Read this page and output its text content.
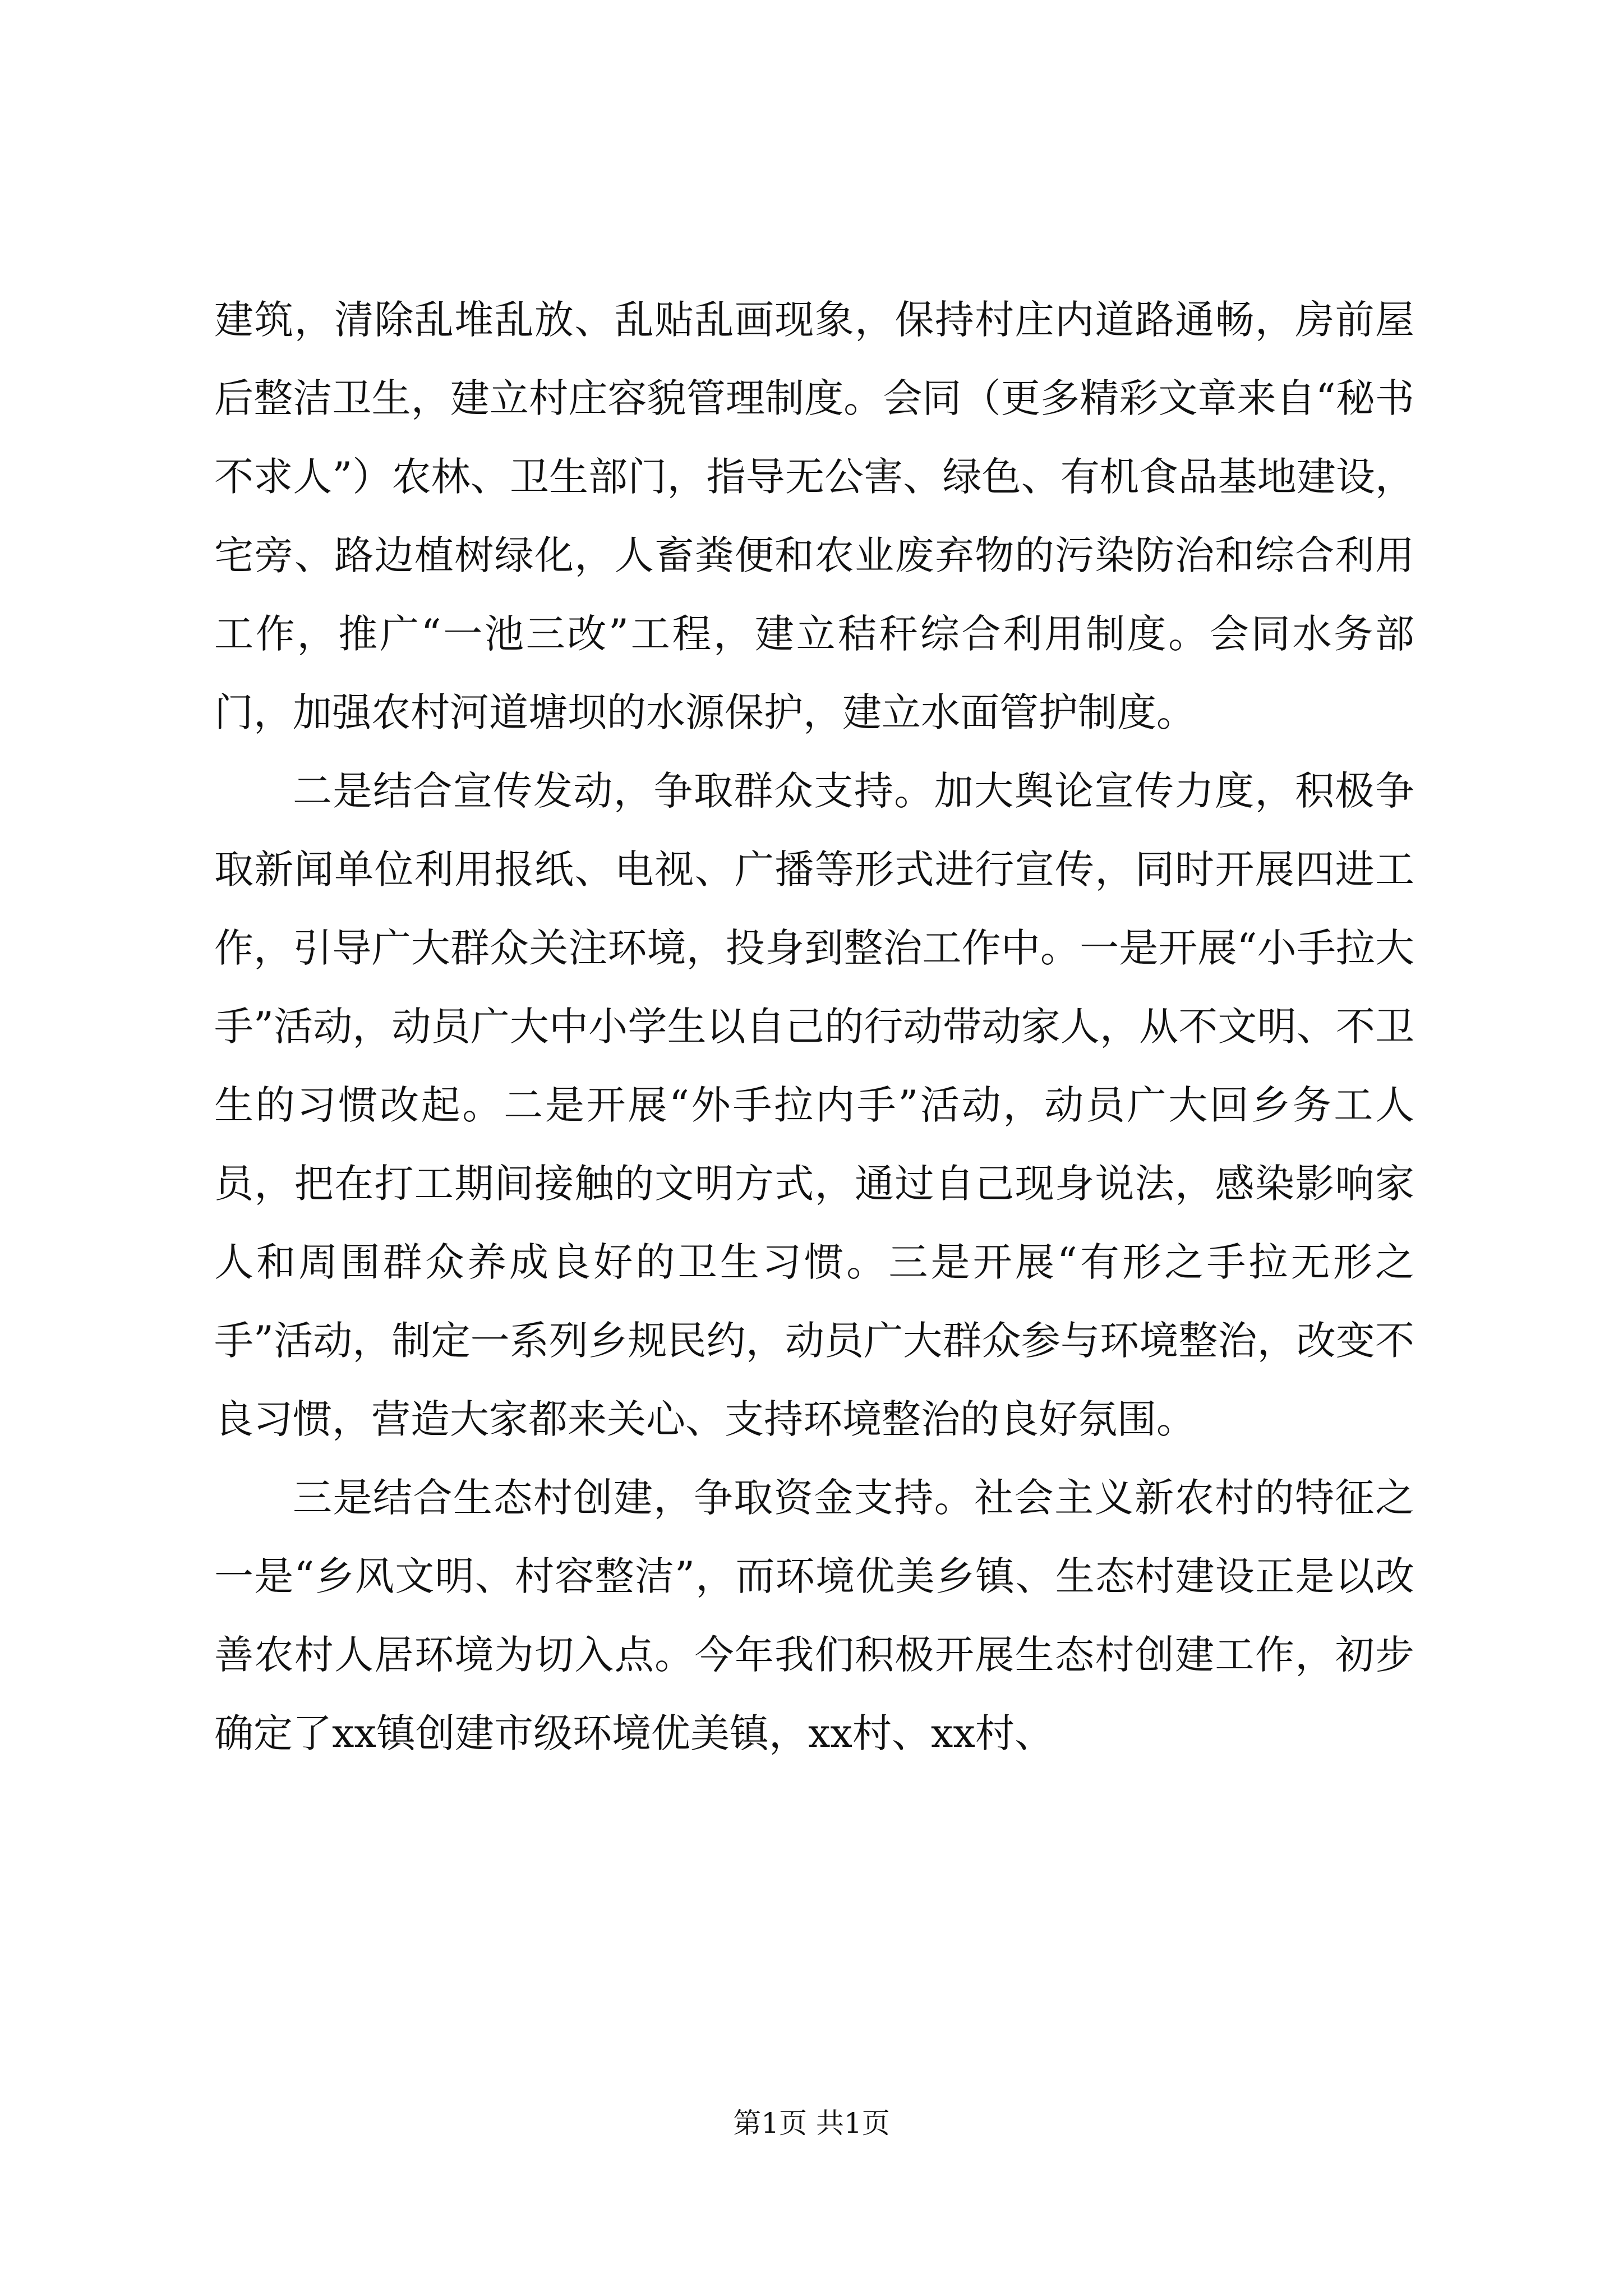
建筑，清除乱堆乱放、乱贴乱画现象，保持村庄内道路通畅，房前屋后整洁卫生，建立村庄容貌管理制度。会同（更多精彩文章来自“秘书不求人”）农林、卫生部门，指导无公害、绿色、有机食品基地建设，宅旁、路边植树绿化，人畜粪便和农业废弃物的污染防治和综合利用工作，推广“一池三改”工程，建立秸秆综合利用制度。会同水务部门，加强农村河道塘坝的水源保护，建立水面管护制度。

二是结合宣传发动，争取群众支持。加大舆论宣传力度，积极争取新闻单位利用报纸、电视、广播等形式进行宣传，同时开展四进工作，引导广大群众关注环境，投身到整治工作中。一是开展“小手拉大手”活动，动员广大中小学生以自己的行动带动家人，从不文明、不卫生的习惯改起。二是开展“外手拉内手”活动，动员广大回乡务工人员，把在打工期间接触的文明方式，通过自己现身说法，感染影响家人和周围群众养成良好的卫生习惯。三是开展“有形之手拉无形之手”活动，制定一系列乡规民约，动员广大群众参与环境整治，改变不良习惯，营造大家都来关心、支持环境整治的良好氛围。

三是结合生态村创建，争取资金支持。社会主义新农村的特征之一是“乡风文明、村容整洁”，而环境优美乡镇、生态村建设正是以改善农村人居环境为切入点。今年我们积极开展生态村创建工作，初步确定了xx镇创建市级环境优美镇，xx村、xx村、

第1页 共1页
